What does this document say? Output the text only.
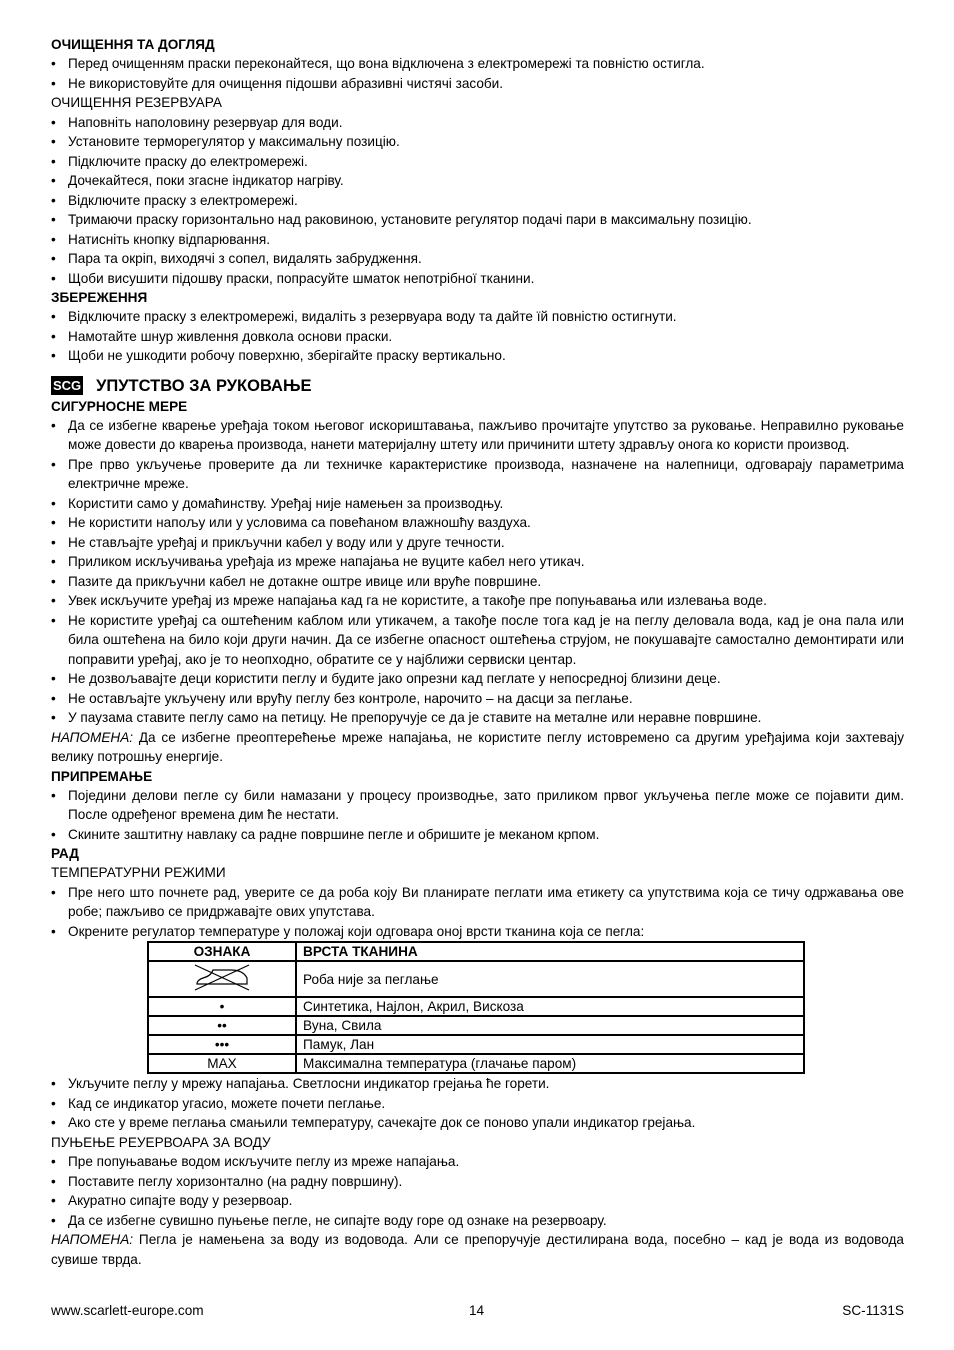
ОЧИЩЕННЯ ТА ДОГЛЯД
• Перед очищенням праски переконайтеся, що вона відключена з електромережі та повністю остигла.
• Не використовуйте для очищення підошви абразивні чистячі засоби.
ОЧИЩЕННЯ РЕЗЕРВУАРА
• Наповніть наполовину резервуар для води.
• Установите терморегулятор у максимальну позицію.
• Підключите праску до електромережі.
• Дочекайтеся, поки згасне індикатор нагріву.
• Відключите праску з електромережі.
• Тримаючи праску горизонтально над раковиною, установите регулятор подачі пари в максимальну позицію.
• Натисніть кнопку відпарювання.
• Пара та окріп, виходячі з сопел, видалять забрудження.
• Щоби висушити підошву праски, попрасуйте шматок непотрібної тканини.
ЗБЕРЕЖЕННЯ
• Відключите праску з електромережі, видаліть з резервуара воду та дайте їй повністю остигнути.
• Намотайте шнур живлення довкола основи праски.
• Щоби не ушкодити робочу поверхню, зберігайте праску вертикально.
SCG УПУТСТВО ЗА РУКОВАЊЕ
СИГУРНОСНЕ МЕРЕ
• Да се избегне кварење уређаја током његовог искориштавања, пажљиво прочитајте упутство за руковање. Неправилно руковање може довести до кварења производа, нанети материјалну штету или причинити штету здрављу онога ко користи производ.
• Пре прво укључење проверите да ли техничке карактеристике производа, назначене на налепници, одговарају параметрима електричне мреже.
• Користити само у домаћинству. Уређај није намењен за производњу.
• Не користити напољу или у условима са повећаном влажношћу ваздуха.
• Не стављајте уређај и прикључни кабел у воду или у друге течности.
• Приликом искључивања уређаја из мреже напајања не вуците кабел него утикач.
• Пазите да прикључни кабел не дотакне оштре ивице или вруће површине.
• Увек искључите уређај из мреже напајања кад га не користите, а такође пре попуњавања или излевања воде.
• Не користите уређај са оштећеним каблом или утикачем, а такође после тога кад је на пеглу деловала вода, кад је она пала или била оштећена на било који други начин. Да се избегне опасност оштећења струјом, не покушавајте самостално демонтирати или поправити уређај, ако је то неопходно, обратите се у најближи сервиски центар.
• Не дозвољавајте деци користити пеглу и будите јако опрезни кад пеглате у непосредној близини деце.
• Не остављајте укључену или врућу пеглу без контроле, нарочито – на дасци за пеглање.
• У паузама ставите пеглу само на петицу. Не препоручује се да је ставите на металне или неравне површине.
НАПОМЕНА: Да се избегне преоптерећење мреже напајања, не користите пеглу истовремено са другим уређајима који захтевају велику потрошњу енергије.
ПРИПРЕМАЊЕ
• Поједини делови пегле су били намазани у процесу производње, зато приликом првог укључења пегле може се појавити дим. После одређеног времена дим ће нестати.
• Скините заштитну навлаку са радне површине пегле и обришите је меканом крпом.
РАД
ТЕМПЕРАТУРНИ РЕЖИМИ
• Пре него што почнете рад, уверите се да роба коју Ви планирате пеглати има етикету са упутствима која се тичу одржавања ове робе; пажљиво се придржавајте ових упутстава.
• Окрените регулатор температуре у положај који одговара оној врсти тканина која се пегла:
ОЗНАКА	ВРСТА ТКАНИНА
	Роба није за пеглање
•	Синтетика, Најлон, Акрил, Вискоза
••	Вуна, Свила
•••	Памук, Лан
MAX	Максимална температура (глачање паром)
• Укључите пеглу у мрежу напајања. Светлосни индикатор грејања ће горети.
• Кад се индикатор угасио, можете почети пеглање.
• Ако сте у време пеглања смањили температуру, сачекајте док се поново упали индикатор грејања.
ПУЊЕЊЕ РЕУЕРВОАРА ЗА ВОДУ
• Пре попуњавање водом искључите пеглу из мреже напајања.
• Поставите пеглу хоризонтално (на радну површину).
• Акуратно сипајте воду у резервоар.
• Да се избегне сувишно пуњење пегле, не сипајте воду горе од ознаке на резервоару.
НАПОМЕНА: Пегла је намењена за воду из водовода. Али се препоручује дестилирана вода, посебно – кад је вода из водовода сувише тврда.
www.scarlett-europe.com	14	SC-1131S
